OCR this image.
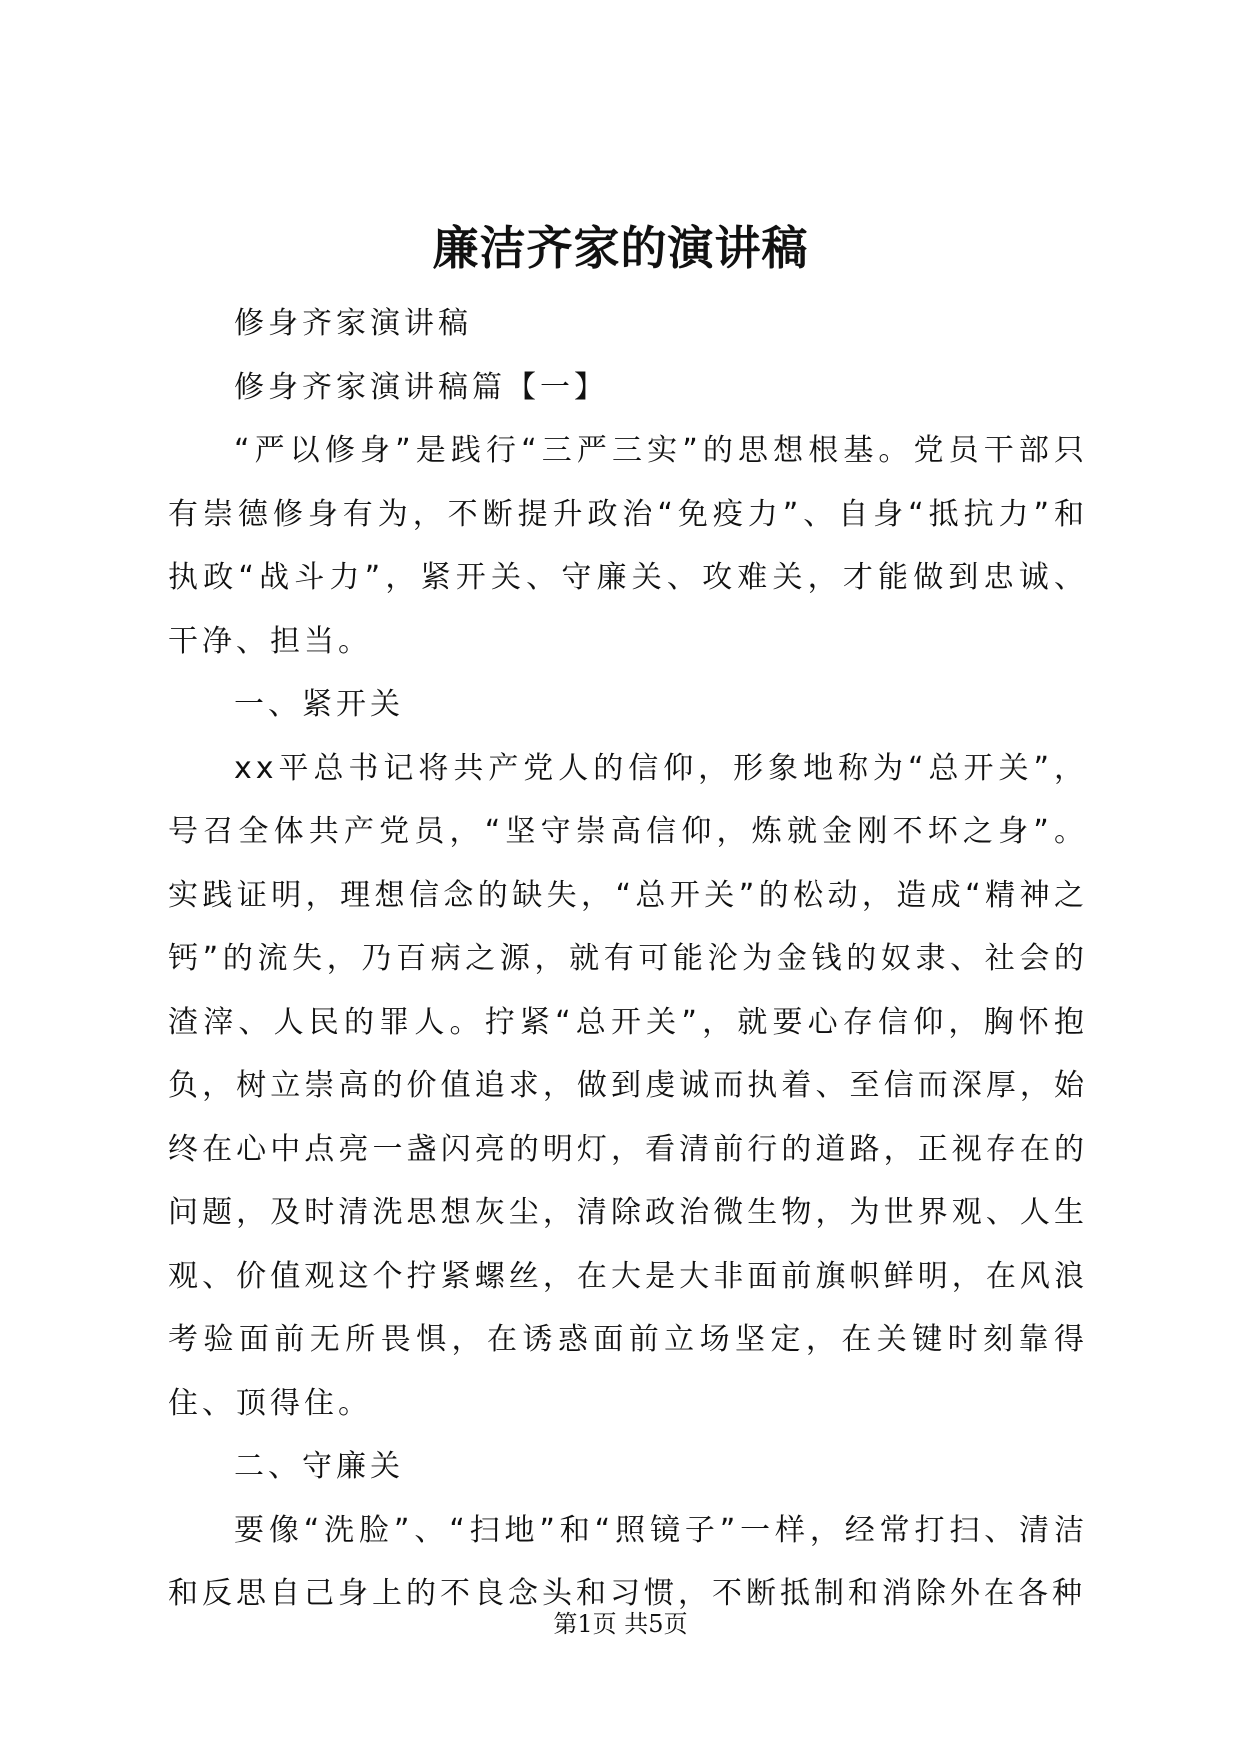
廉洁齐家的演讲稿

修身齐家演讲稿

修身齐家演讲稿篇【一】

“严以修身”是践行“三严三实”的思想根基。党员干部只有崇德修身有为，不断提升政治“免疫力”、自身“抵抗力”和执政“战斗力”，紧开关、守廉关、攻难关，才能做到忠诚、干净、担当。

一、紧开关

xx平总书记将共产党人的信仰，形象地称为“总开关”，号召全体共产党员，“坚守崇高信仰，炼就金刚不坏之身”。实践证明，理想信念的缺失，“总开关”的松动，造成“精神之钙”的流失，乃百病之源，就有可能沦为金钱的奴隶、社会的渣滓、人民的罪人。拧紧“总开关”，就要心存信仰，胸怀抱负，树立崇高的价值追求，做到虔诚而执着、至信而深厚，始终在心中点亮一盏闪亮的明灯，看清前行的道路，正视存在的问题，及时清洗思想灰尘，清除政治微生物，为世界观、人生观、价值观这个拧紧螺丝，在大是大非面前旗帜鲜明，在风浪考验面前无所畏惧，在诱惑面前立场坚定，在关键时刻靠得住、顶得住。

二、守廉关

要像“洗脸”、“扫地”和“照镜子”一样，经常打扫、清洁和反思自己身上的不良念头和习惯，不断抵制和消除外在各种

第1页 共5页
